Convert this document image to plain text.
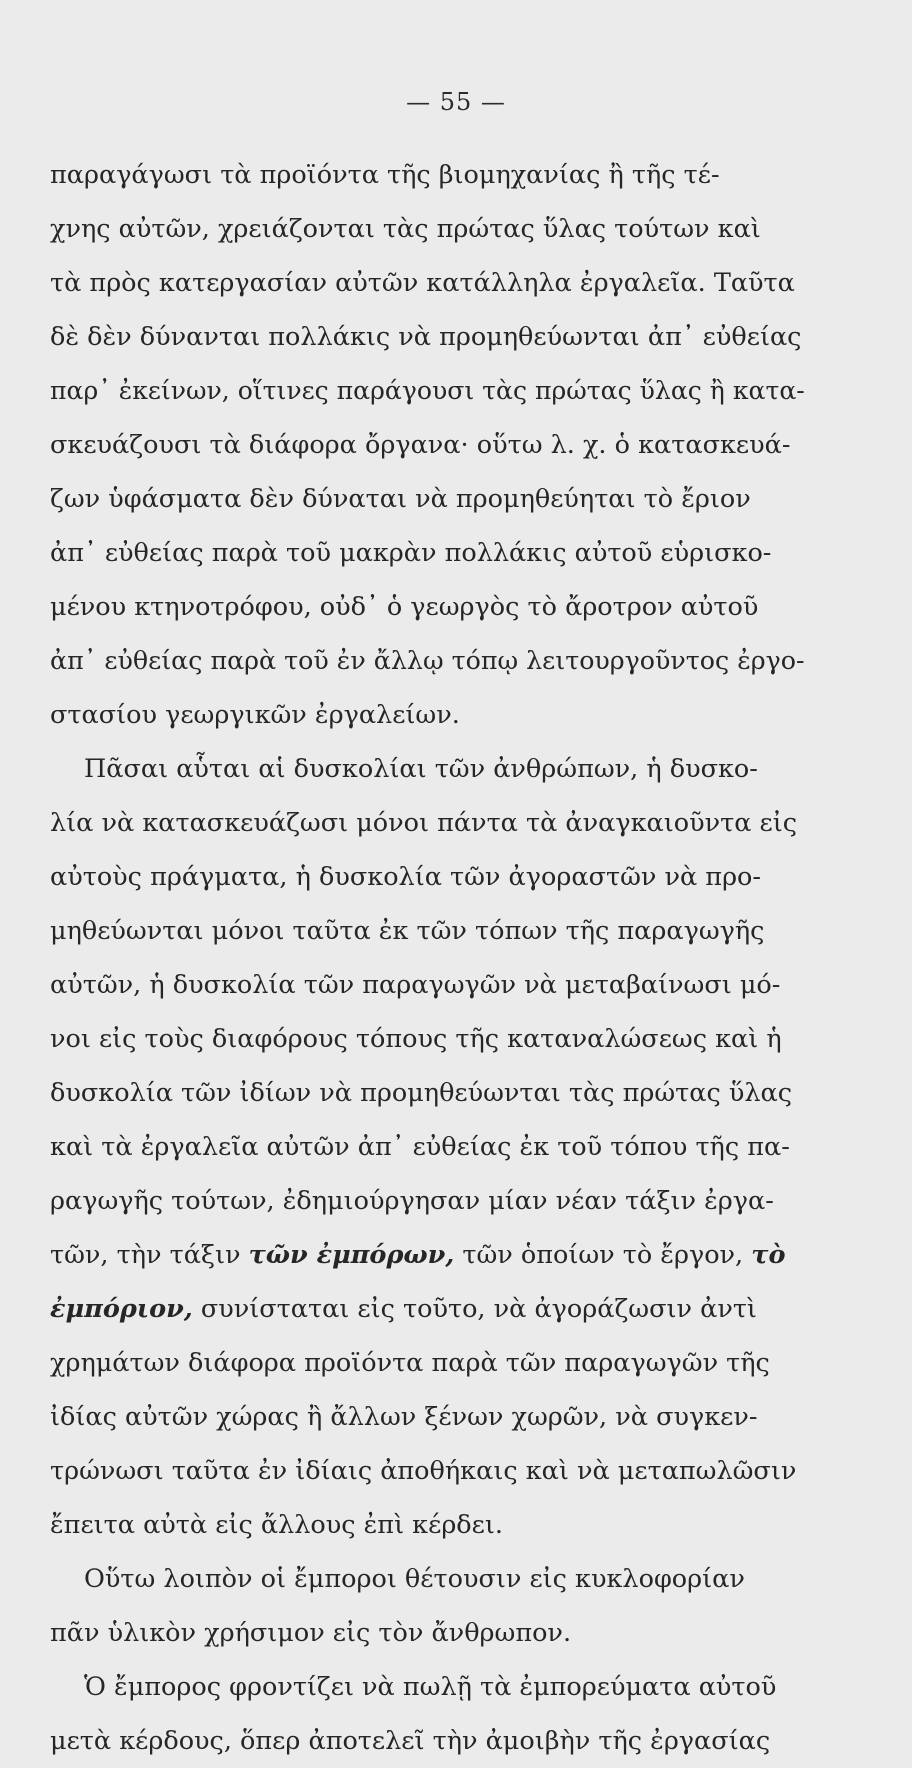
— 55 —
παραγάγωσι τὰ προϊόντα τῆς βιομηχανίας ἢ τῆς τέ-
χνης αὐτῶν, χρειάζονται τὰς πρώτας ὕλας τούτων καὶ
τὰ πρὸς κατεργασίαν αὐτῶν κατάλληλα ἐργαλεῖα. Ταῦτα
δὲ δὲν δύνανται πολλάκις νὰ προμηθεύωνται ἀπ᾽ εὐθείας
παρ᾽ ἐκείνων, οἵτινες παράγουσι τὰς πρώτας ὕλας ἢ κατα-
σκευάζουσι τὰ διάφορα ὄργανα· οὕτω λ. χ. ὁ κατασκευά-
ζων ὑφάσματα δὲν δύναται νὰ προμηθεύηται τὸ ἔριον
ἀπ᾽ εὐθείας παρὰ τοῦ μακρὰν πολλάκις αὐτοῦ εὑρισκο-
μένου κτηνοτρόφου, οὐδ᾽ ὁ γεωργὸς τὸ ἄροτρον αὐτοῦ
ἀπ᾽ εὐθείας παρὰ τοῦ ἐν ἄλλῳ τόπῳ λειτουργοῦντος ἐργο-
στασίου γεωργικῶν ἐργαλείων.
Πᾶσαι αὗται αἱ δυσκολίαι τῶν ἀνθρώπων, ἡ δυσκο-
λία νὰ κατασκευάζωσι μόνοι πάντα τὰ ἀναγκαιοῦντα εἰς
αὐτοὺς πράγματα, ἡ δυσκολία τῶν ἀγοραστῶν νὰ προ-
μηθεύωνται μόνοι ταῦτα ἐκ τῶν τόπων τῆς παραγωγῆς
αὐτῶν, ἡ δυσκολία τῶν παραγωγῶν νὰ μεταβαίνωσι μό-
νοι εἰς τοὺς διαφόρους τόπους τῆς καταναλώσεως καὶ ἡ
δυσκολία τῶν ἰδίων νὰ προμηθεύωνται τὰς πρώτας ὕλας
καὶ τὰ ἐργαλεῖα αὐτῶν ἀπ᾽ εὐθείας ἐκ τοῦ τόπου τῆς πα-
ραγωγῆς τούτων, ἐδημιούργησαν μίαν νέαν τάξιν ἐργα-
τῶν, τὴν τάξιν τῶν ἐμπόρων, τῶν ὁποίων τὸ ἔργον, τὸ
ἐμπόριον, συνίσταται εἰς τοῦτο, νὰ ἀγοράζωσιν ἀντὶ
χρημάτων διάφορα προϊόντα παρὰ τῶν παραγωγῶν τῆς
ἰδίας αὐτῶν χώρας ἢ ἄλλων ξένων χωρῶν, νὰ συγκεν-
τρώνωσι ταῦτα ἐν ἰδίαις ἀποθήκαις καὶ νὰ μεταπωλῶσιν
ἔπειτα αὐτὰ εἰς ἄλλους ἐπὶ κέρδει.
Οὕτω λοιπὸν οἱ ἔμποροι θέτουσιν εἰς κυκλοφορίαν
πᾶν ὑλικὸν χρήσιμον εἰς τὸν ἄνθρωπον.
Ὁ ἔμπορος φροντίζει νὰ πωλῇ τὰ ἐμπορεύματα αὐτοῦ
μετὰ κέρδους, ὅπερ ἀποτελεῖ τὴν ἀμοιβὴν τῆς ἐργασίας
